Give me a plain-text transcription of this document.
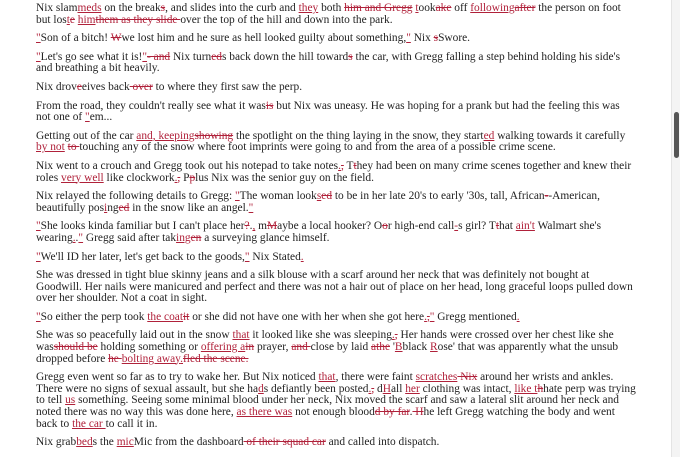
Nix slammeds on the breaks, and slides into the curb and they both him and Gregg tookake off followingafter the person on foot but loste himthem as they slide over the top of the hill and down into the park.

"Son of a bitch! Wwe lost him and he sure as hell looked guilty about something," Nix sSwore.

"Let's go see what it is!"- and Nix turneds back down the hill towards the car, with Gregg falling a step behind holding his side's and breathing a bit heavily.

Nix droveeives back over to where they first saw the perp.

From the road, they couldn't really see what it wasis but Nix was uneasy. He was hoping for a prank but had the feeling this was not one of "em...

Getting out of the car and, keepingshowing the spotlight on the thing laying in the snow, they started walking towards it carefully by not to touching any of the snow where foot imprints were going to and from the area of a possible crime scene.

Nix went to a crouch and Gregg took out his notepad to take notes., Tthey had been on many crime scenes together and knew their roles very well like clockwork., Pplus Nix was the senior guy on the field.

Nix relayed the following details to Gregg: "The woman looksed to be in her late 20's to early '30s, tall, African--American, beautifully posinged in the snow like an angel."

"She looks kinda familiar but I can't place her?., mMaybe a local hooker? Oor high-end call-s girl? Tthat ain't Walmart she's wearing.." Gregg said after takingen a surveying glance himself.

"We'll ID her later, let's get back to the goods," Nix Stated.

She was dressed in tight blue skinny jeans and a silk blouse with a scarf around her neck that was definitely not bought at Goodwill. Her nails were manicured and perfect and there was not a hair out of place on her head, long graceful loops pulled down over her shoulder. Not a coat in sight.

"So either the perp took the coatit or she did not have one with her when she got here.," Gregg mentioned.

She was so peacefully laid out in the snow that it looked like she was sleeping., Her hands were crossed over her chest like she wasshould be holding something or offering ain prayer, and close by laid athe 'Bblack Rose' that was apparently what the unsub dropped before he bolting away.fled the scene.

Gregg even went so far as to try to wake her. But Nix noticed that, there were faint scratches Nix around her wrists and ankles. There were no signs of sexual assault, but she hads defiantly been posted., dHall her clothing was intact, like thhate perp was trying to tell us something. Seeing some minimal blood under her neck, Nix moved the scarf and saw a lateral slit around her neck and noted there was no way this was done here, as there was not enough bloodd by far. Hhe left Gregg watching the body and went back to the car to call it in.

Nix grabbeds the micMic from the dashboard of their squad car and called into dispatch.
